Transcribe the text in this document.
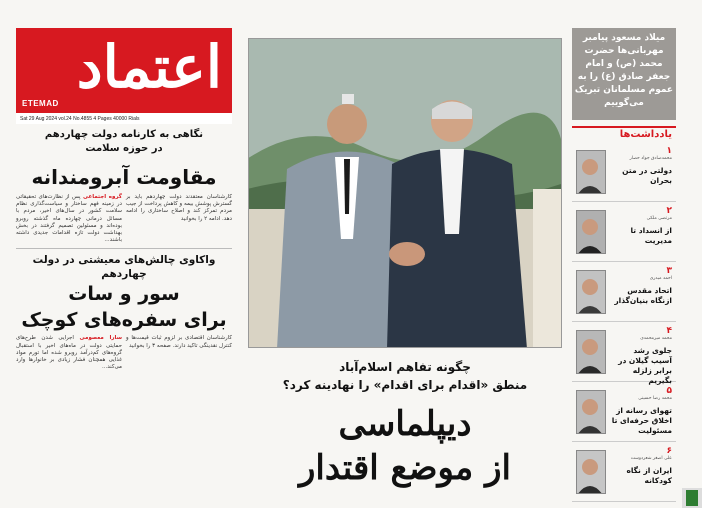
اعتماد
ETEMAD
Sat 29 Aug 2024 vol.24 No.4855 4 Pages 40000 Rials
نگاهی به کارنامه دولت چهاردهم
در حوزه سلامت
مقاومت آبرومندانه
گروه اجتماعی پس از نظارت‌های تحقیقاتی در زمینه فهم ساختار و سیاست‌گذاری نظام سلامت کشور در سال‌های اخیر، مردم با مسائل درمانی چهارده ماه گذشته روبرو بوده‌اند و مسئولین تصمیم گرفتند در بخش بهداشت دولت تازه اقدامات جدیدی داشته باشند...
کارشناسان معتقدند دولت چهاردهم باید بر گسترش پوشش بیمه و کاهش پرداخت از جیب مردم تمرکز کند و اصلاح ساختاری را ادامه دهد. ادامه ۲ را بخوانید
واکاوی چالش‌های معیشتی در دولت چهاردهم
سور و سات
برای سفره‌های کوچک
سارا معصومی اجرایی شدن طرح‌های حمایتی دولت در ماه‌های اخیر با استقبال گروه‌های کم‌درآمد روبرو شده اما تورم مواد غذایی همچنان فشار زیادی بر خانوارها وارد می‌کند...
کارشناسان اقتصادی بر لزوم ثبات قیمت‌ها و کنترل نقدینگی تاکید دارند. صفحه ۳ را بخوانید
چگونه تفاهم اسلام‌آباد
منطق «اقدام برای اقدام» را نهادینه کرد؟
دیپلماسی
از موضع اقتدار
میلاد مسعود پیامبر مهربانی‌ها حضرت محمد (ص) و امام جعفر صادق (ع) را به عموم مسلمانان تبریک می‌گوییم
یادداشت‌ها
۱
محمدصادق جواد حصار
دولتی در متن بحران
۲
مرتضی ملکی
از انسداد تا مدیریت
۳
احمد میدری
اتحاد مقدس ازنگاه بنیان‌گذار
۴
محمد میرمحمدی
جلوی رشد آسیب گیلان در برابر زلزله بگیریم
۵
محمد رضا حسینی
تهوای رسانه از اخلاق حرفه‌ای تا مسئولیت
۶
علی اصغر شعردوست
ایران از نگاه کودکانه
